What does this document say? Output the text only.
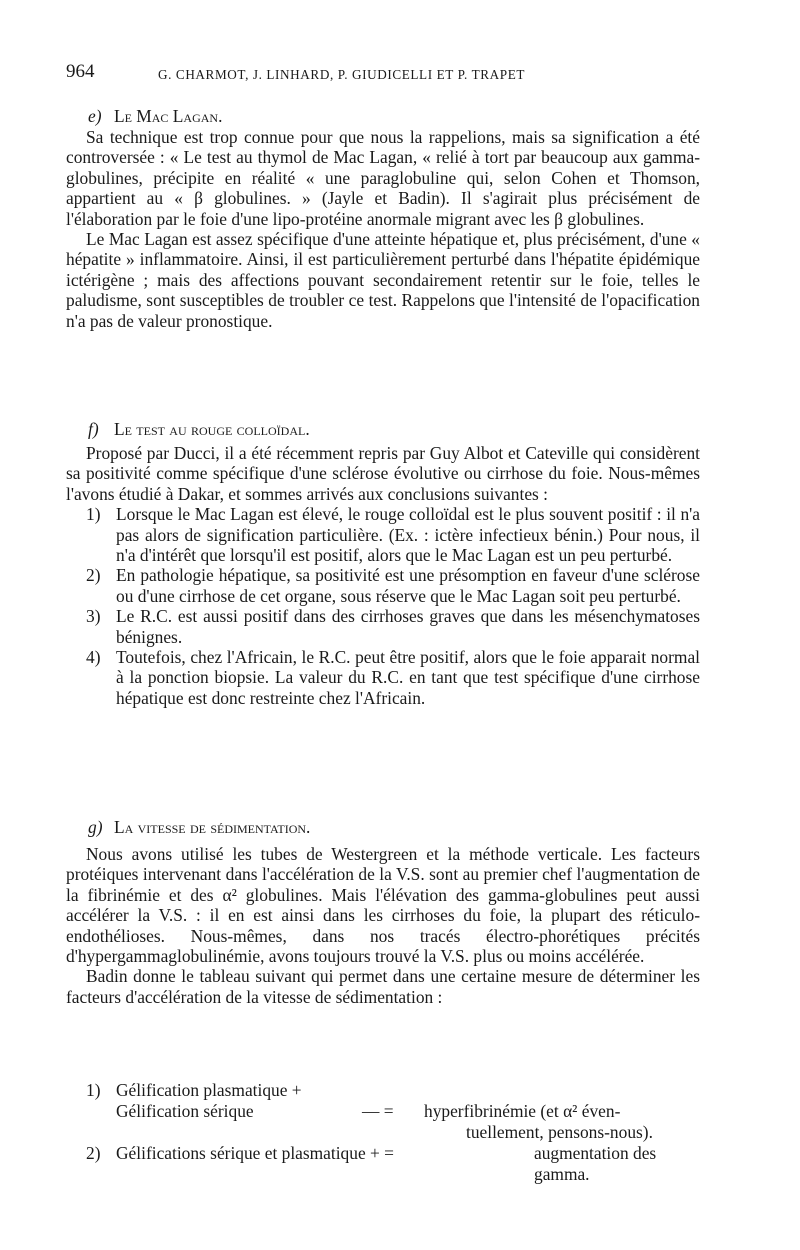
964	G. CHARMOT, J. LINHARD, P. GIUDICELLI ET P. TRAPET
e) Le Mac Lagan.

Sa technique est trop connue pour que nous la rappelions, mais sa signification a été controversée : « Le test au thymol de Mac Lagan, « relié à tort par beaucoup aux gamma-globulines, précipite en réalité « une paraglobuline qui, selon Cohen et Thomson, appartient au « β globulines. » (Jayle et Badin). Il s'agirait plus précisément de l'élaboration par le foie d'une lipo-protéine anormale migrant avec les β globulines.

Le Mac Lagan est assez spécifique d'une atteinte hépatique et, plus précisément, d'une « hépatite » inflammatoire. Ainsi, il est particulièrement perturbé dans l'hépatite épidémique ictérigène ; mais des affections pouvant secondairement retentir sur le foie, telles le paludisme, sont susceptibles de troubler ce test. Rappelons que l'intensité de l'opacification n'a pas de valeur pronostique.

f) Le test au rouge colloïdal.

Proposé par Ducci, il a été récemment repris par Guy Albot et Cateville qui considèrent sa positivité comme spécifique d'une sclérose évolutive ou cirrhose du foie. Nous-mêmes l'avons étudié à Dakar, et sommes arrivés aux conclusions suivantes :

1) Lorsque le Mac Lagan est élevé, le rouge colloïdal est le plus souvent positif : il n'a pas alors de signification particulière. (Ex. : ictère infectieux bénin.) Pour nous, il n'a d'intérêt que lorsqu'il est positif, alors que le Mac Lagan est un peu perturbé.
2) En pathologie hépatique, sa positivité est une présomption en faveur d'une sclérose ou d'une cirrhose de cet organe, sous réserve que le Mac Lagan soit peu perturbé.
3) Le R.C. est aussi positif dans des cirrhoses graves que dans les mésenchymatoses bénignes.
4) Toutefois, chez l'Africain, le R.C. peut être positif, alors que le foie apparait normal à la ponction biopsie. La valeur du R.C. en tant que test spécifique d'une cirrhose hépatique est donc restreinte chez l'Africain.
g) La vitesse de sédimentation.

Nous avons utilisé les tubes de Westergreen et la méthode verticale. Les facteurs protéiques intervenant dans l'accélération de la V.S. sont au premier chef l'augmentation de la fibrinémie et des α² globulines. Mais l'élévation des gamma-globulines peut aussi accélérer la V.S. : il en est ainsi dans les cirrhoses du foie, la plupart des réticulo-endothélioses. Nous-mêmes, dans nos tracés électro-phorétiques précités d'hypergammaglobulinémie, avons toujours trouvé la V.S. plus ou moins accélérée.

Badin donne le tableau suivant qui permet dans une certaine mesure de déterminer les facteurs d'accélération de la vitesse de sédimentation :

1) Gélification plasmatique +
Gélification sérique	— = hyperfibrinémie (et α² éven-
tuellement, pensons-nous).
2) Gélifications sérique et plasmatique + =	augmentation des
gamma.
